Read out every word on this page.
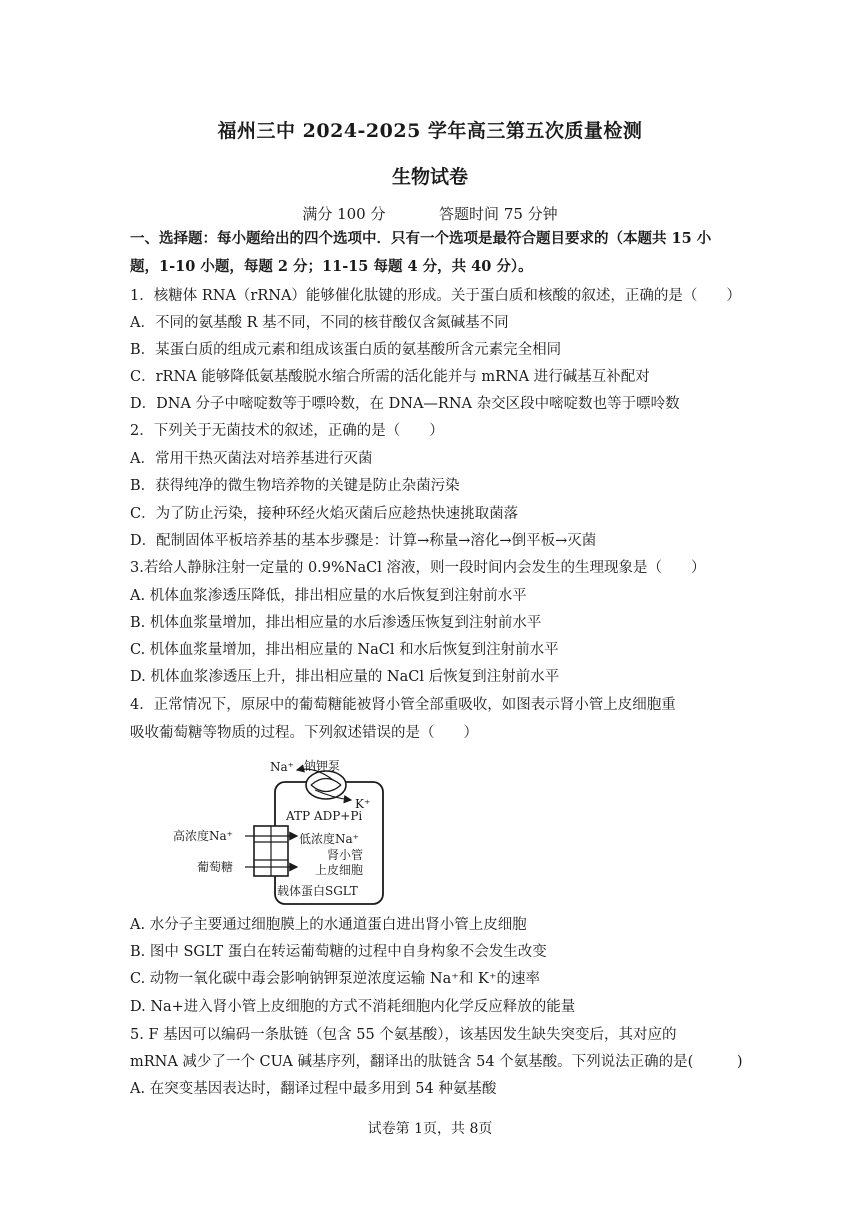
福州三中 2024-2025 学年高三第五次质量检测
生物试卷
满分 100 分	答题时间 75 分钟
一、选择题：每小题给出的四个选项中．只有一个选项是最符合题目要求的（本题共 15 小
题，1-10 小题，每题 2 分；11-15 每题 4 分，共 40 分）。
1．核糖体 RNA（rRNA）能够催化肽键的形成。关于蛋白质和核酸的叙述，正确的是（　　）
A．不同的氨基酸 R 基不同，不同的核苷酸仅含氮碱基不同
B．某蛋白质的组成元素和组成该蛋白质的氨基酸所含元素完全相同
C．rRNA 能够降低氨基酸脱水缩合所需的活化能并与 mRNA 进行碱基互补配对
D．DNA 分子中嘧啶数等于嘌呤数，在 DNA—RNA 杂交区段中嘧啶数也等于嘌呤数
2．下列关于无菌技术的叙述，正确的是（　　）
A．常用干热灭菌法对培养基进行灭菌
B．获得纯净的微生物培养物的关键是防止杂菌污染
C．为了防止污染，接种环经火焰灭菌后应趁热快速挑取菌落
D．配制固体平板培养基的基本步骤是：计算→称量→溶化→倒平板→灭菌
3.若给人静脉注射一定量的 0.9%NaCl 溶液，则一段时间内会发生的生理现象是（　　）
A. 机体血浆渗透压降低，排出相应量的水后恢复到注射前水平
B. 机体血浆量增加，排出相应量的水后渗透压恢复到注射前水平
C. 机体血浆量增加，排出相应量的 NaCl 和水后恢复到注射前水平
D. 机体血浆渗透压上升，排出相应量的 NaCl 后恢复到注射前水平
4．正常情况下，原尿中的葡萄糖能被肾小管全部重吸收，如图表示肾小管上皮细胞重
吸收葡萄糖等物质的过程。下列叙述错误的是（　　）
Na⁺ 钠钾泵
K⁺
ATP ADP+Pi
高浓度Na⁺	低浓度Na⁺
葡萄糖
肾小管
上皮细胞
载体蛋白SGLT
A. 水分子主要通过细胞膜上的水通道蛋白进出肾小管上皮细胞
B. 图中 SGLT 蛋白在转运葡萄糖的过程中自身构象不会发生改变
C. 动物一氧化碳中毒会影响钠钾泵逆浓度运输 Na⁺和 K⁺的速率
D. Na+进入肾小管上皮细胞的方式不消耗细胞内化学反应释放的能量
5. F 基因可以编码一条肽链（包含 55 个氨基酸），该基因发生缺失突变后，其对应的
mRNA 减少了一个 CUA 碱基序列，翻译出的肽链含 54 个氨基酸。下列说法正确的是(　　　)
A. 在突变基因表达时，翻译过程中最多用到 54 种氨基酸
试卷第 1页，共 8页
